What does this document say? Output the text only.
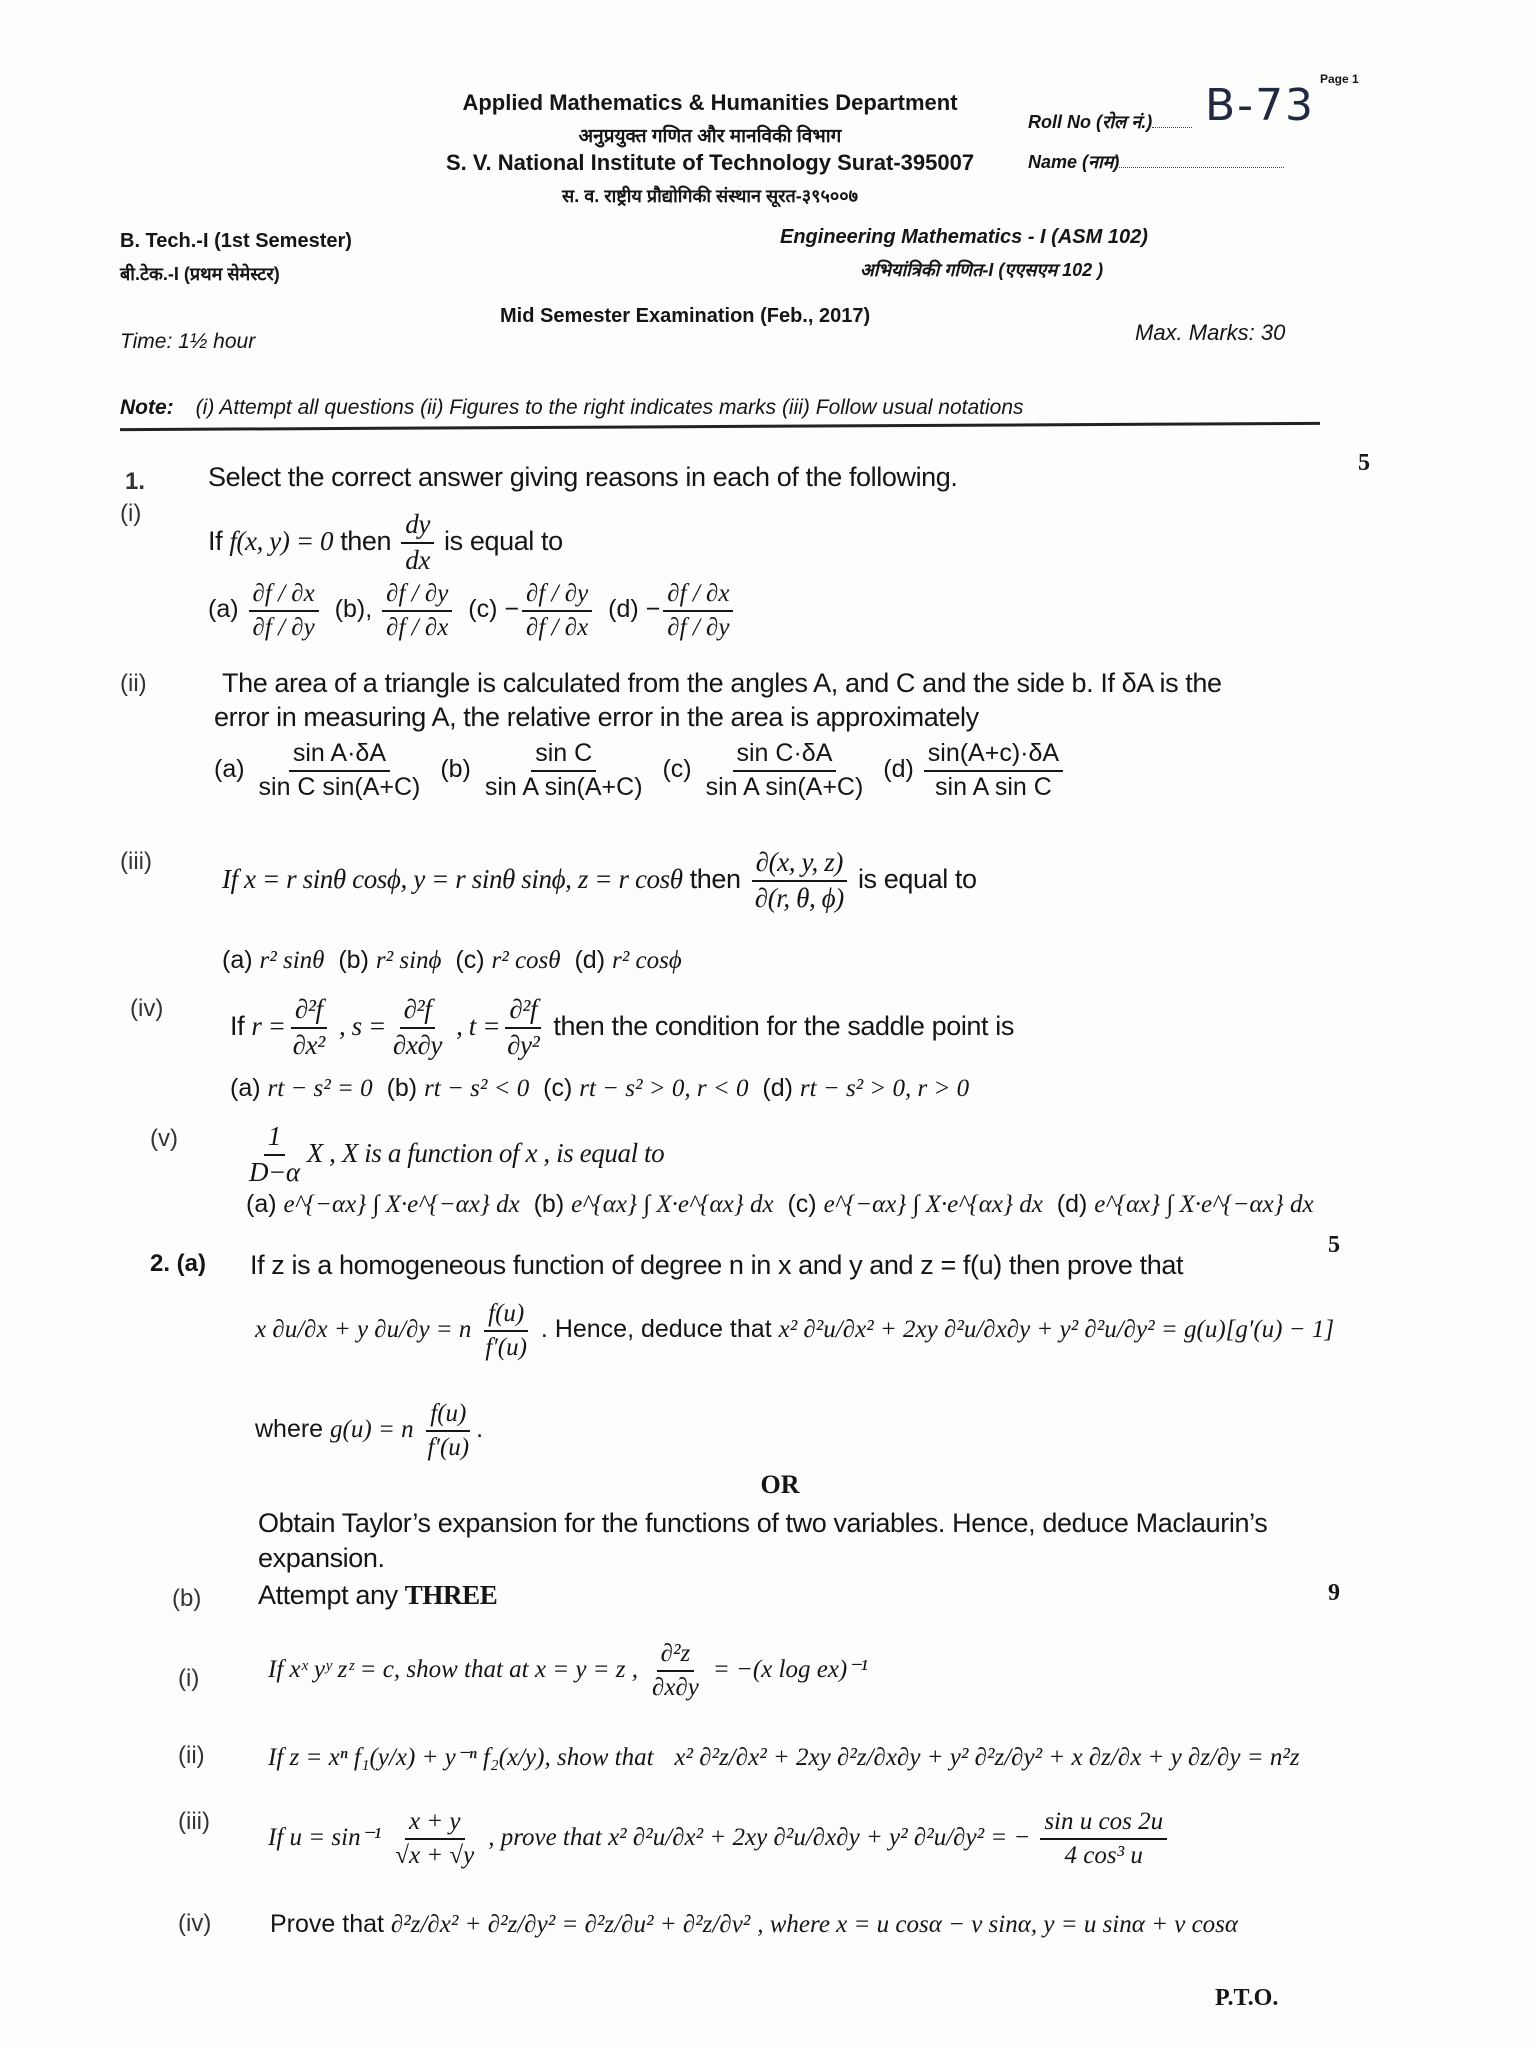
Applied Mathematics & Humanities Department
अनुप्रयुक्त गणित और मानविकी विभाग
S. V. National Institute of Technology Surat-395007
स. व. राष्ट्रीय प्रौद्योगिकी संस्थान सूरत-३९५००७
Roll No (रोल नं.)	B-73
Page 1
Name (नाम)
B. Tech.-I (1st Semester)
बी.टेक.-I (प्रथम सेमेस्टर)
Engineering Mathematics - I (ASM 102)
अभियांत्रिकी गणित-I (एएसएम 102 )
Mid Semester Examination (Feb., 2017)
Time: 1½ hour	Max. Marks: 30
Note: (i) Attempt all questions (ii) Figures to the right indicates marks (iii) Follow usual notations
5
1. Select the correct answer giving reasons in each of the following.
(i)
If f(x, y) = 0 then $\frac{dy}{dx}$ is equal to
$(a) \frac{\partial f / \partial x}{\partial f / \partial y} (b)$, $\frac{\partial f / \partial y}{\partial f / \partial x} (c) - \frac{\partial f / \partial y}{\partial f / \partial x} (d) - \frac{\partial f / \partial x}{\partial f / \partial y}$
(ii)	The area of a triangle is calculated from the angles A, and C and the side b. If δA is the
error in measuring A, the relative error in the area is approximately
$(a) \frac{\text{sin A·δA}}{\text{sin C sin(A+C)}} (b) \frac{\text{sin C}}{\text{sin A sin(A+C)}} (c) \frac{\text{sin C·δA}}{\text{sin A sin(A+C)}} (d) \frac{\sin(A+c)\cdot\delta A}{\text{sin A sin C}}$
(iii)
If x = r sinθ cosϕ, y = r sinθ sinϕ, z = r cosθ then $\frac{\partial(x, y, z)}{\partial(r, \theta, \phi)}$ is equal to
(a) r² sinθ (b) r² sinϕ (c) r² cosθ (d) r² cosϕ
(iv)
If $r = \frac{\text{∂²f}}{\text{∂x²}}$ , $s = \frac{\text{∂²f}}{\partial x\partial y}$ , $t = \frac{\text{∂²f}}{\text{∂y²}}$ then the condition for the saddle point is
(a) rt − s² = 0 (b) rt − s² < 0 (c) rt − s² > 0, r < 0 (d) rt − s² > 0, r > 0
$(v) \frac{1}{D-\alpha}$ X , X is a function of x , is equal to
(a) e^{−αx} ∫ X·e^{−αx} dx (b) e^{αx} ∫ X·e^{αx} dx (c) e^{−αx} ∫ X·e^{αx} dx (d) e^{αx} ∫ X·e^{−αx} dx
2. (a)
5
If z is a homogeneous function of degree n in x and y and z = f(u) then prove that
x ∂u/∂x + y ∂u/∂y = n $\frac{f(u)}{f'(u)}$ . Hence, deduce that x² ∂²u/∂x² + 2xy ∂²u/∂x∂y + y² ∂²u/∂y² = g(u)[g′(u) − 1]
where g(u) = n $\frac{f(u)}{f'(u)}$ .
OR
Obtain Taylor’s expansion for the functions of two variables. Hence, deduce Maclaurin’s
expansion.
(b) Attempt any THREE	9
(i)	If xˣ yʸ zᶻ = c, show that at x = y = z , $\frac{\text{∂²z}}{\partial x\partial y} = -(x$ log ex)⁻¹
(ii)	If z = xⁿ f₁(y/x) + y⁻ⁿ f₂(x/y), show that x² ∂²z/∂x² + 2xy ∂²z/∂x∂y + y² ∂²z/∂y² + x ∂z/∂x + y ∂z/∂y = n²z
(iii)
If $u = \sin^{-1} \frac{x + y}{√x + √y}$ , prove that x² ∂²u/∂x² + 2xy ∂²u/∂x∂y + y² ∂²u/∂y² = − $\frac{\text{sin u cos 2u}}{\text{4 cos³ u}}$
(iv) Prove that ∂²z/∂x² + ∂²z/∂y² = ∂²z/∂u² + ∂²z/∂v² , where x = u cosα − v sinα, y = u sinα + v cosα
P.T.O.
